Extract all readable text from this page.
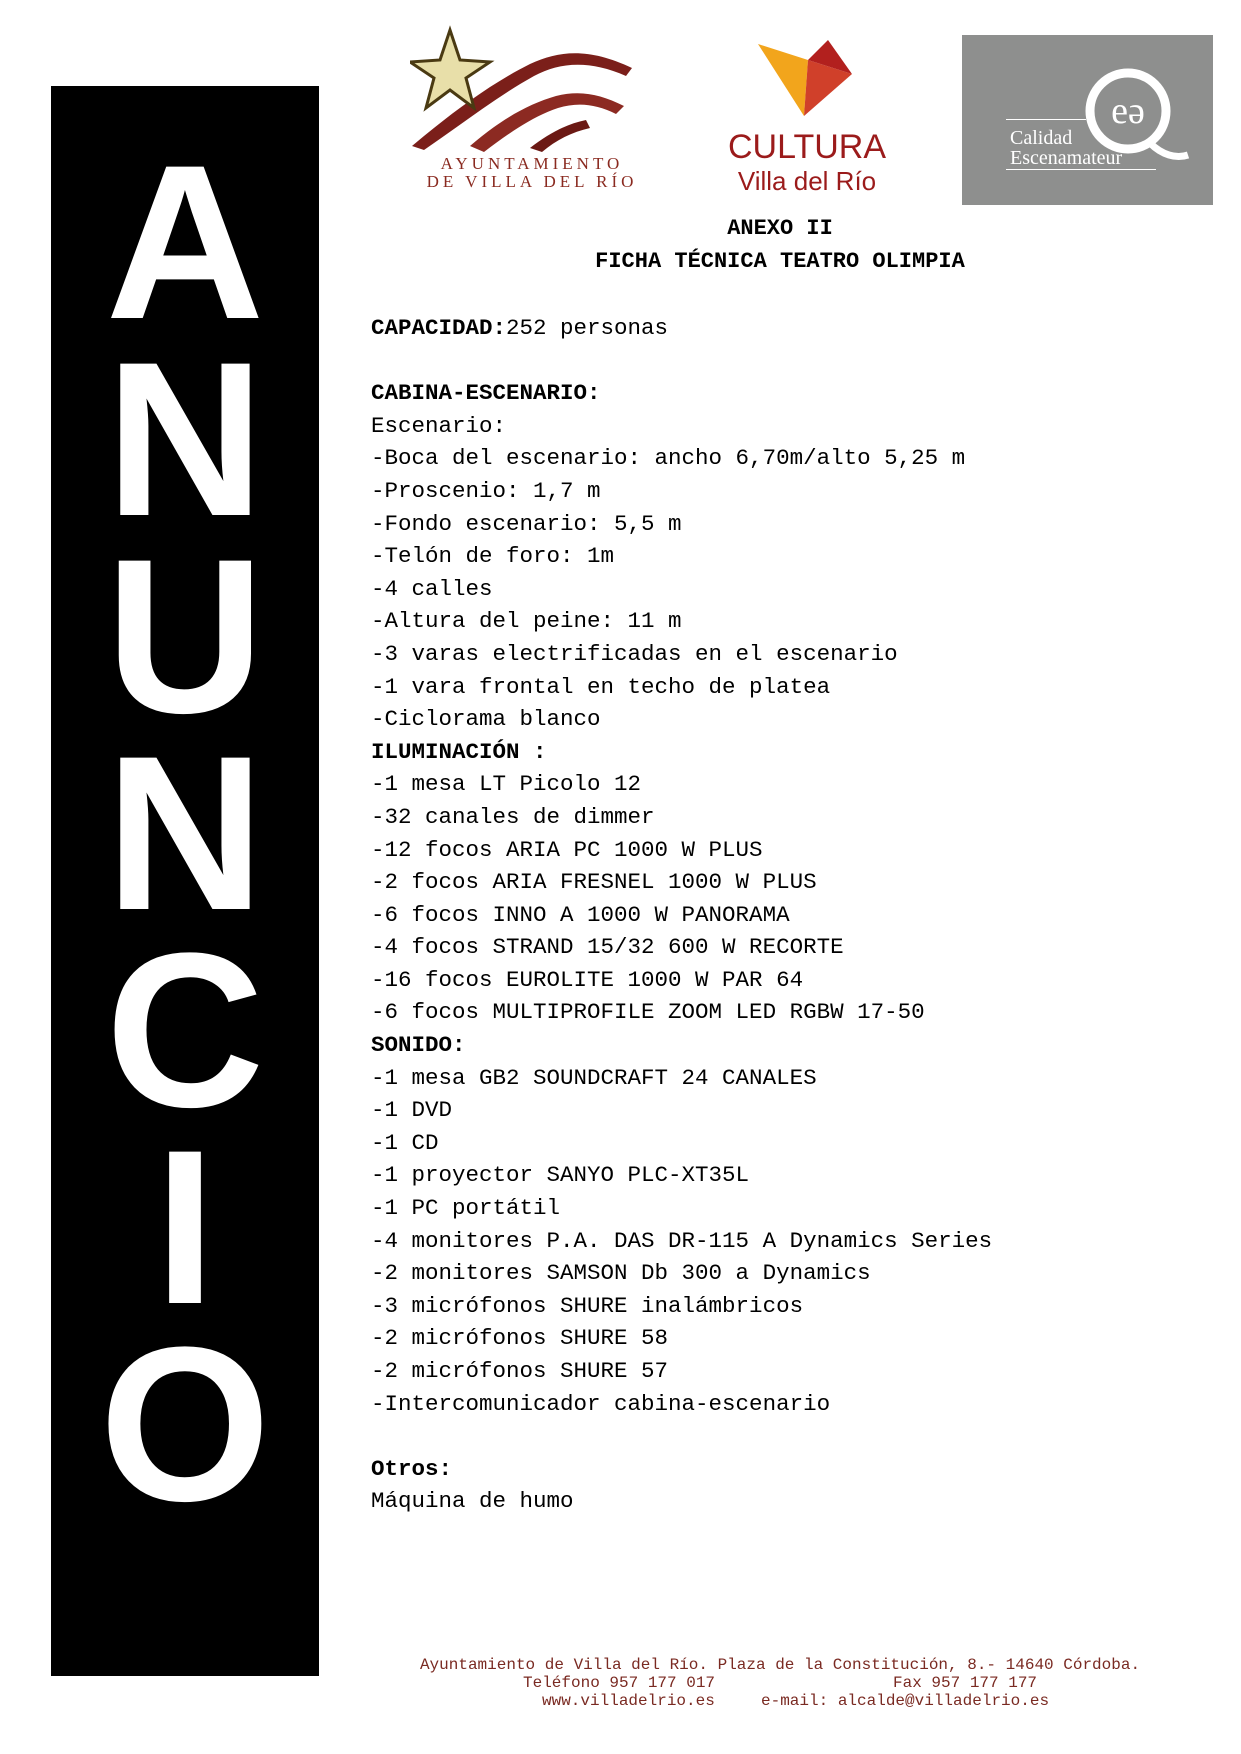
A
N
U
N
C
I
O
AYUNTAMIENTO
DE VILLA DEL RÍO
CULTURA
Villa del Río
eə
Calidad
Escenamateur
ANEXO II
FICHA TÉCNICA TEATRO OLIMPIA
CAPACIDAD:252 personas
CABINA-ESCENARIO:
Escenario:
-Boca del escenario: ancho 6,70m/alto 5,25 m
-Proscenio: 1,7 m
-Fondo escenario: 5,5 m
-Telón de foro: 1m
-4 calles
-Altura del peine: 11 m
-3 varas electrificadas en el escenario
-1 vara frontal en techo de platea
-Ciclorama blanco
ILUMINACIÓN :
-1 mesa LT Picolo 12
-32 canales de dimmer
-12 focos ARIA PC 1000 W PLUS
-2 focos ARIA FRESNEL 1000 W PLUS
-6 focos INNO A 1000 W PANORAMA
-4 focos STRAND 15/32 600 W RECORTE
-16 focos EUROLITE 1000 W PAR 64
-6 focos MULTIPROFILE ZOOM LED RGBW 17-50
SONIDO:
-1 mesa GB2 SOUNDCRAFT 24 CANALES
-1 DVD
-1 CD
-1 proyector SANYO PLC-XT35L
-1 PC portátil
-4 monitores P.A. DAS DR-115 A Dynamics Series
-2 monitores SAMSON Db 300 a Dynamics
-3 micrófonos SHURE inalámbricos
-2 micrófonos SHURE 58
-2 micrófonos SHURE 57
-Intercomunicador cabina-escenario
Otros:
Máquina de humo
Ayuntamiento de Villa del Río. Plaza de la Constitución, 8.- 14640 Córdoba.
Teléfono 957 177 017	Fax 957 177 177
www.villadelrio.es	e-mail: alcalde@villadelrio.es
